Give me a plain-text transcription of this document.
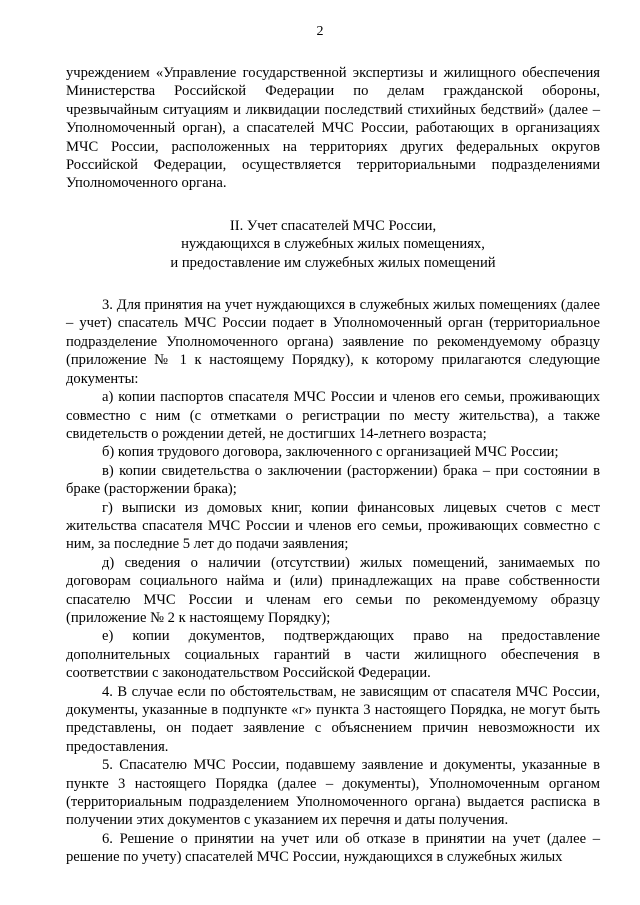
2

учреждением «Управление государственной экспертизы и жилищного обеспечения Министерства Российской Федерации по делам гражданской обороны, чрезвычайным ситуациям и ликвидации последствий стихийных бедствий» (далее – Уполномоченный орган), а спасателей МЧС России, работающих в организациях МЧС России, расположенных на территориях других федеральных округов Российской Федерации, осуществляется территориальными подразделениями Уполномоченного органа.

II. Учет спасателей МЧС России,
нуждающихся в служебных жилых помещениях,
и предоставление им служебных жилых помещений

3. Для принятия на учет нуждающихся в служебных жилых помещениях (далее – учет) спасатель МЧС России подает в Уполномоченный орган (территориальное подразделение Уполномоченного органа) заявление по рекомендуемому образцу (приложение № 1 к настоящему Порядку), к которому прилагаются следующие документы:

а) копии паспортов спасателя МЧС России и членов его семьи, проживающих совместно с ним (с отметками о регистрации по месту жительства), а также свидетельств о рождении детей, не достигших 14-летнего возраста;

б) копия трудового договора, заключенного с организацией МЧС России;

в) копии свидетельства о заключении (расторжении) брака – при состоянии в браке (расторжении брака);

г) выписки из домовых книг, копии финансовых лицевых счетов с мест жительства спасателя МЧС России и членов его семьи, проживающих совместно с ним, за последние 5 лет до подачи заявления;

д) сведения о наличии (отсутствии) жилых помещений, занимаемых по договорам социального найма и (или) принадлежащих на праве собственности спасателю МЧС России и членам его семьи по рекомендуемому образцу (приложение № 2 к настоящему Порядку);

е) копии документов, подтверждающих право на предоставление дополнительных социальных гарантий в части жилищного обеспечения в соответствии с законодательством Российской Федерации.

4. В случае если по обстоятельствам, не зависящим от спасателя МЧС России, документы, указанные в подпункте «г» пункта 3 настоящего Порядка, не могут быть представлены, он подает заявление с объяснением причин невозможности их предоставления.

5. Спасателю МЧС России, подавшему заявление и документы, указанные в пункте 3 настоящего Порядка (далее – документы), Уполномоченным органом (территориальным подразделением Уполномоченного органа) выдается расписка в получении этих документов с указанием их перечня и даты получения.

6. Решение о принятии на учет или об отказе в принятии на учет (далее – решение по учету) спасателей МЧС России, нуждающихся в служебных жилых
